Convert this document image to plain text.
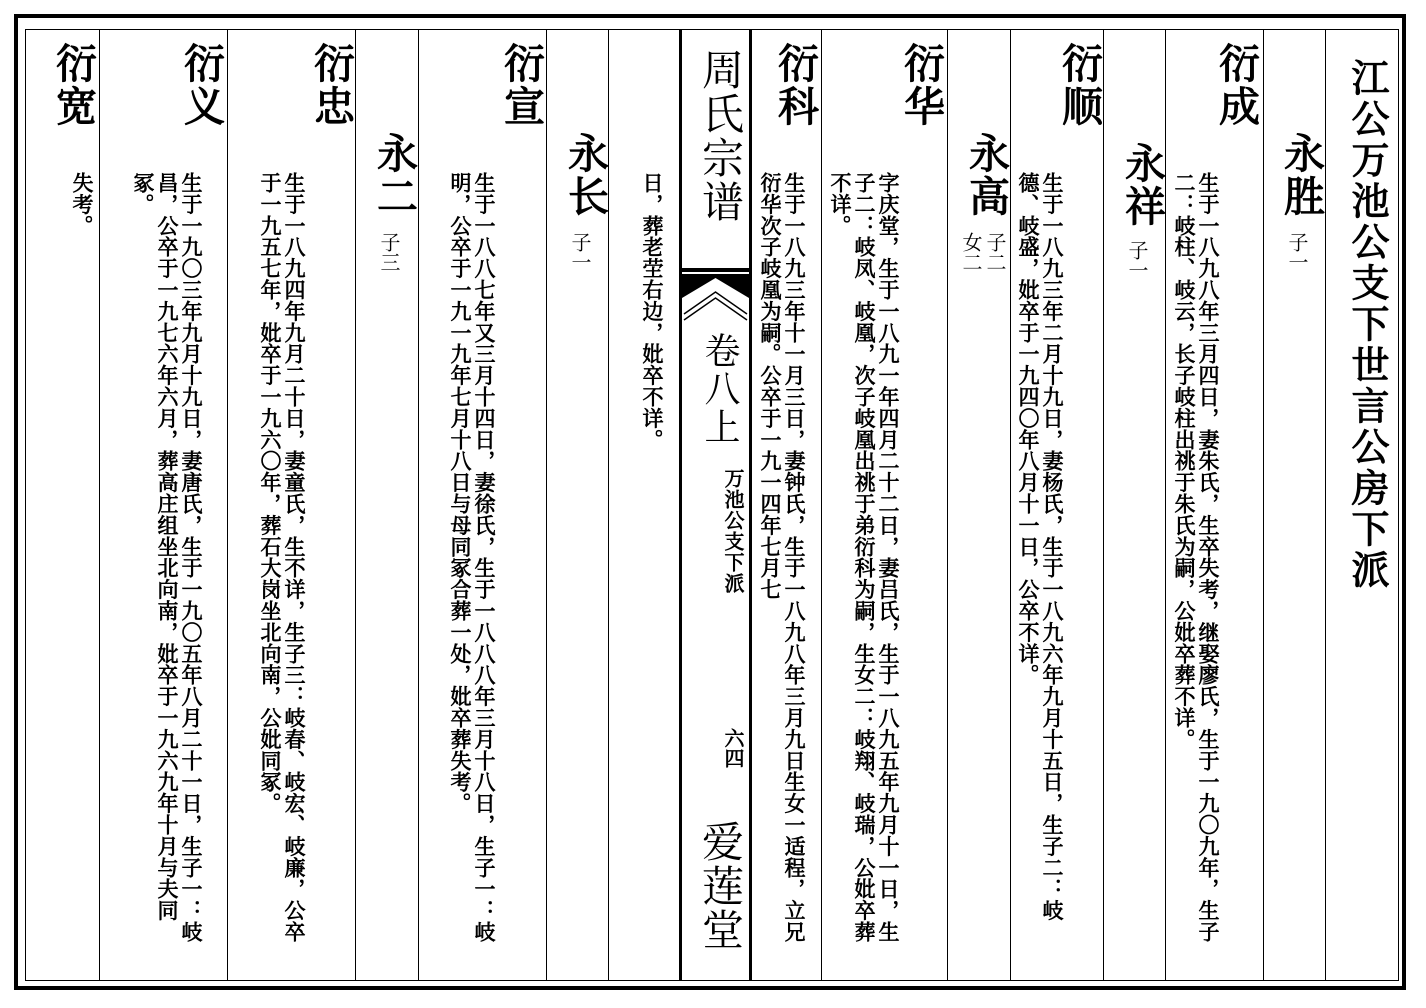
江公万池公支下世言公房下派
永胜
子一
衍成
生于一八九八年三月四日，妻朱氏，生卒失考，继娶廖氏，生于一九〇九年，生子二：岐柱、岐云，长子岐柱出祧于朱氏为嗣，公妣卒葬不详。
永祥
子一
衍顺
生于一八九三年二月十九日，妻杨氏，生于一八九六年九月十五日，生子二：岐德、岐盛，妣卒于一九四〇年八月十一日，公卒不详。
永高
子二
女二
衍华
字庆堂，生于一八九一年四月二十二日，妻吕氏，生于一八九五年九月十一日，生子二：岐凤、岐凰，次子岐凰出祧于弟衍科为嗣，生女二：岐翔、岐瑞，公妣卒葬不详。
衍科
生于一八九三年十一月三日，妻钟氏，生于一八九八年三月九日生女一适程，立兄衍华次子岐凰为嗣。公卒于一九一四年七月七
周氏宗谱
卷八上
万池公支下派
六四
爱莲堂
日，葬老茔右边，妣卒不详。
永长
子一
衍宣
生于一八八七年又三月十四日，妻徐氏，生于一八八八年三月十八日，生子一：岐明，公卒于一九一九年七月十八日与母同冢合葬一处，妣卒葬失考。
永二
子三
衍忠
生于一八九四年九月二十日，妻童氏，生不详，生子三：岐春、岐宏、岐廉，公卒于一九五七年，妣卒于一九六〇年，葬石大岗坐北向南，公妣同冢。
衍义
生于一九〇三年九月十九日，妻唐氏，生于一九〇五年八月二十一日，生子一：岐昌，公卒于一九七六年六月，葬高庄组坐北向南，妣卒于一九六九年十月与夫同冢。
衍宽
失考。
